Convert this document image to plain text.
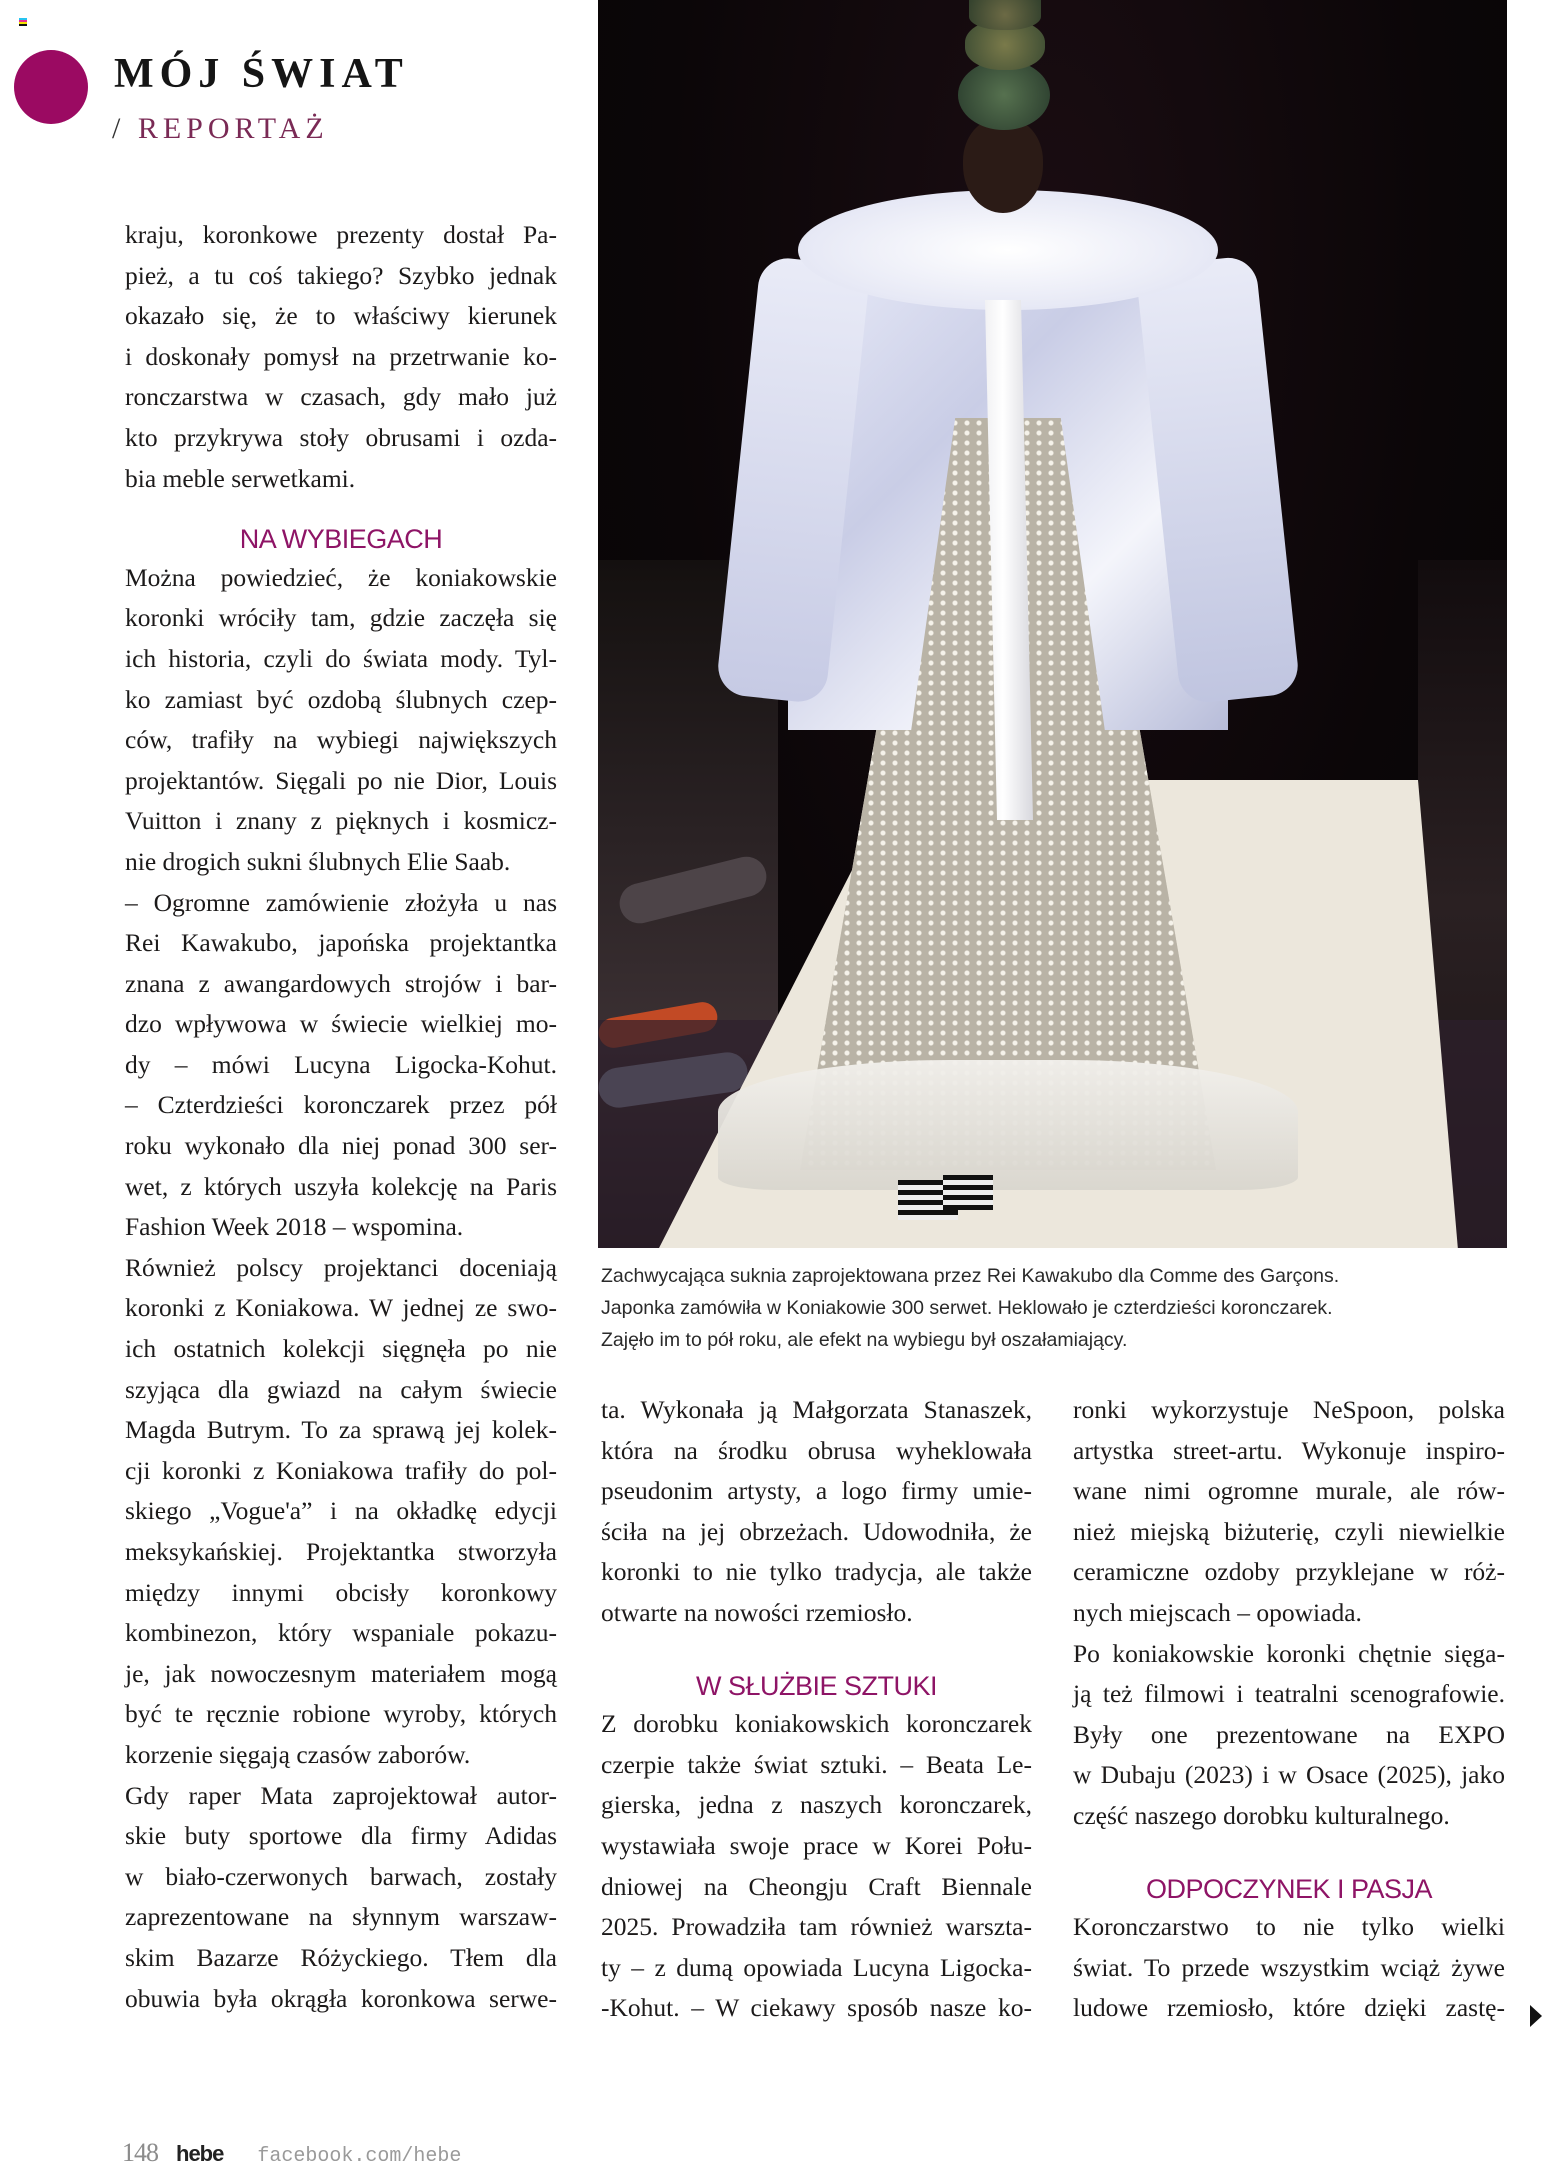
MÓJ ŚWIAT
/ REPORTAŻ
kraju, koronkowe prezenty dostał Pa-
pież, a tu coś takiego? Szybko jednak
okazało się, że to właściwy kierunek
i doskonały pomysł na przetrwanie ko-
ronczarstwa w czasach, gdy mało już
kto przykrywa stoły obrusami i ozda-
bia meble serwetkami.
NA WYBIEGACH
Można powiedzieć, że koniakowskie
koronki wróciły tam, gdzie zaczęła się
ich historia, czyli do świata mody. Tyl-
ko zamiast być ozdobą ślubnych czep-
ców, trafiły na wybiegi największych
projektantów. Sięgali po nie Dior, Louis
Vuitton i znany z pięknych i kosmicz-
nie drogich sukni ślubnych Elie Saab.
– Ogromne zamówienie złożyła u nas
Rei Kawakubo, japońska projektantka
znana z awangardowych strojów i bar-
dzo wpływowa w świecie wielkiej mo-
dy – mówi Lucyna Ligocka-Kohut.
– Czterdzieści koronczarek przez pół
roku wykonało dla niej ponad 300 ser-
wet, z których uszyła kolekcję na Paris
Fashion Week 2018 – wspomina.
Również polscy projektanci doceniają
koronki z Koniakowa. W jednej ze swo-
ich ostatnich kolekcji sięgnęła po nie
szyjąca dla gwiazd na całym świecie
Magda Butrym. To za sprawą jej kolek-
cji koronki z Koniakowa trafiły do pol-
skiego „Vogue'a” i na okładkę edycji
meksykańskiej. Projektantka stworzyła
między innymi obcisły koronkowy
kombinezon, który wspaniale pokazu-
je, jak nowoczesnym materiałem mogą
być te ręcznie robione wyroby, których
korzenie sięgają czasów zaborów.
Gdy raper Mata zaprojektował autor-
skie buty sportowe dla firmy Adidas
w biało-czerwonych barwach, zostały
zaprezentowane na słynnym warszaw-
skim Bazarze Różyckiego. Tłem dla
obuwia była okrągła koronkowa serwe-
Zachwycająca suknia zaprojektowana przez Rei Kawakubo dla Comme des Garçons.
Japonka zamówiła w Koniakowie 300 serwet. Heklowało je czterdzieści koronczarek.
Zajęło im to pół roku, ale efekt na wybiegu był oszałamiający.
ta. Wykonała ją Małgorzata Stanaszek,
która na środku obrusa wyheklowała
pseudonim artysty, a logo firmy umie-
ściła na jej obrzeżach. Udowodniła, że
koronki to nie tylko tradycja, ale także
otwarte na nowości rzemiosło.
W SŁUŻBIE SZTUKI
Z dorobku koniakowskich koronczarek
czerpie także świat sztuki. – Beata Le-
gierska, jedna z naszych koronczarek,
wystawiała swoje prace w Korei Połu-
dniowej na Cheongju Craft Biennale
2025. Prowadziła tam również warszta-
ty – z dumą opowiada Lucyna Ligocka-
-Kohut. – W ciekawy sposób nasze ko-
ronki wykorzystuje NeSpoon, polska
artystka street-artu. Wykonuje inspiro-
wane nimi ogromne murale, ale rów-
nież miejską biżuterię, czyli niewielkie
ceramiczne ozdoby przyklejane w róż-
nych miejscach – opowiada.
Po koniakowskie koronki chętnie sięga-
ją też filmowi i teatralni scenografowie.
Były one prezentowane na EXPO
w Dubaju (2023) i w Osace (2025), jako
część naszego dorobku kulturalnego.
ODPOCZYNEK I PASJA
Koronczarstwo to nie tylko wielki
świat. To przede wszystkim wciąż żywe
ludowe rzemiosło, które dzięki zastę-
148 hebe facebook.com/hebe
